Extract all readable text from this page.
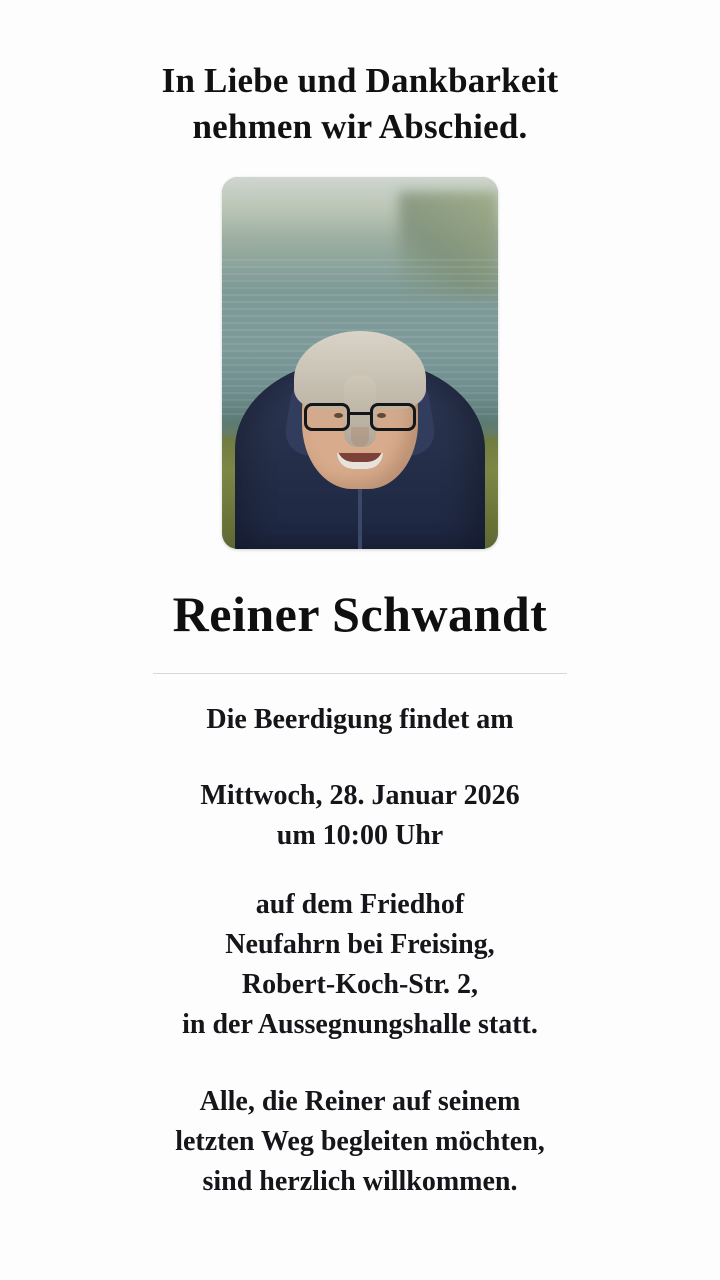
In Liebe und Dankbarkeit
nehmen wir Abschied.
Reiner Schwandt
Die Beerdigung findet am
Mittwoch, 28. Januar 2026
um 10:00 Uhr
auf dem Friedhof
Neufahrn bei Freising,
Robert-Koch-Str. 2,
in der Aussegnungshalle statt.
Alle, die Reiner auf seinem
letzten Weg begleiten möchten,
sind herzlich willkommen.
